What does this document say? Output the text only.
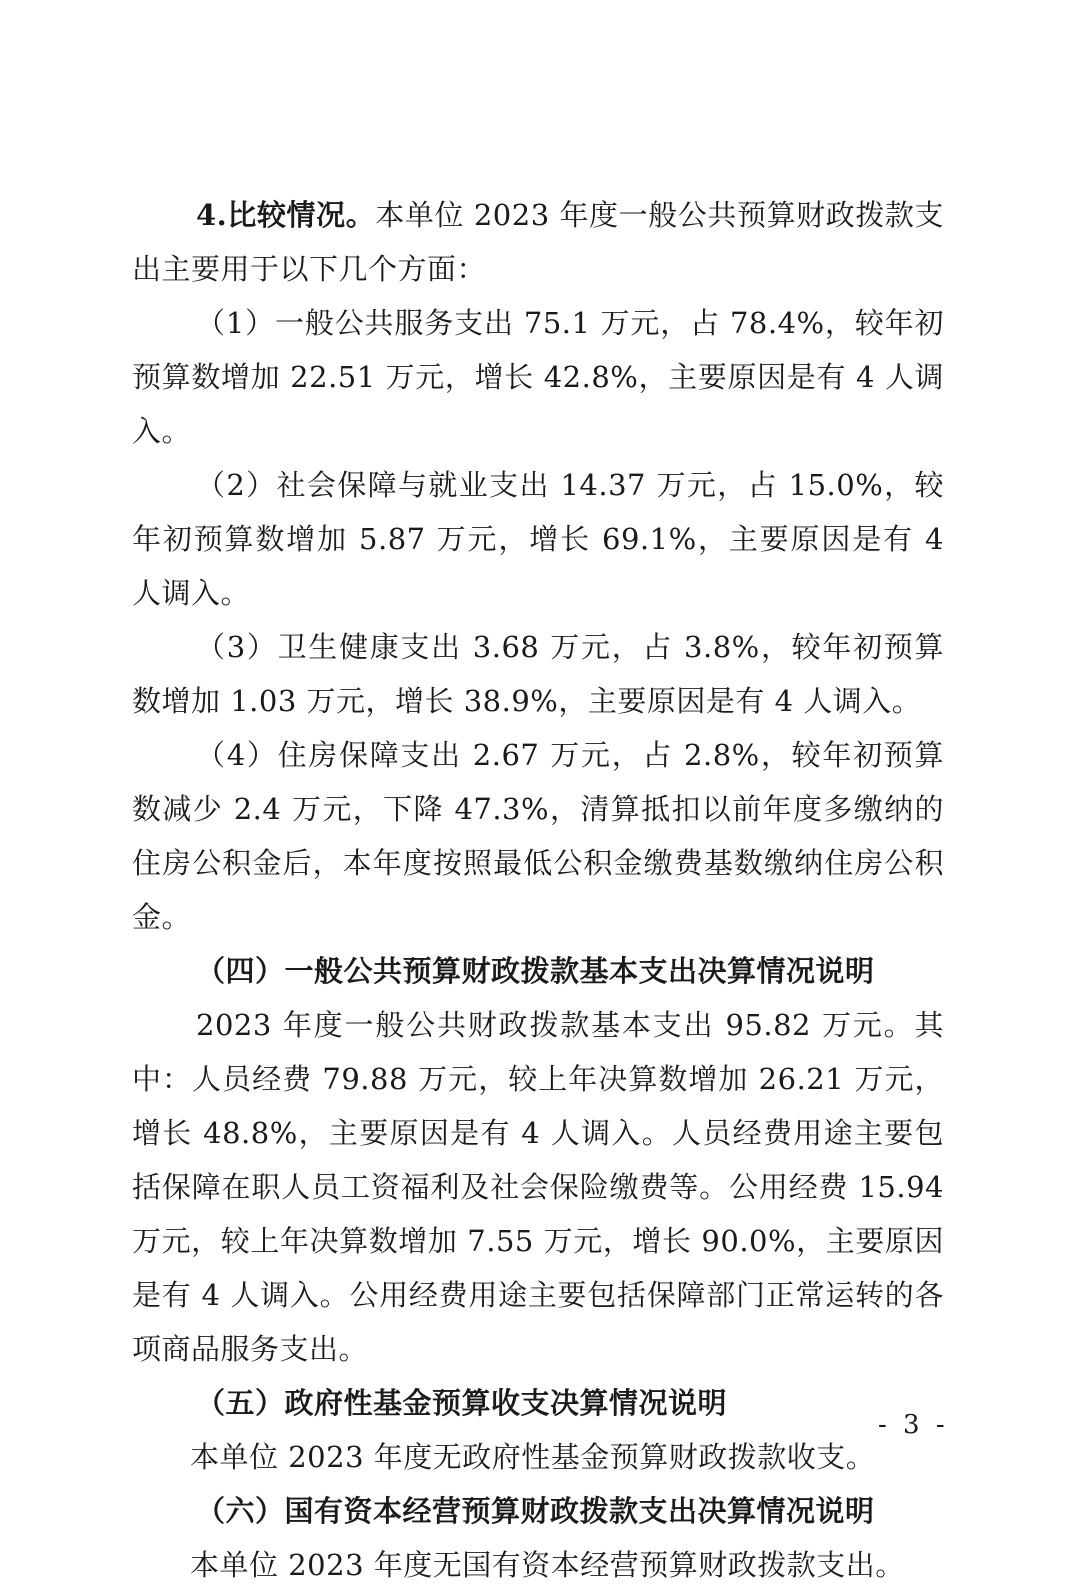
4.比较情况。本单位 2023 年度一般公共预算财政拨款支出主要用于以下几个方面：

（1）一般公共服务支出 75.1 万元，占 78.4%，较年初预算数增加 22.51 万元，增长 42.8%，主要原因是有 4 人调入。

（2）社会保障与就业支出 14.37 万元，占 15.0%，较年初预算数增加 5.87 万元，增长 69.1%，主要原因是有 4 人调入。

（3）卫生健康支出 3.68 万元，占 3.8%，较年初预算数增加 1.03 万元，增长 38.9%，主要原因是有 4 人调入。

（4）住房保障支出 2.67 万元，占 2.8%，较年初预算数减少 2.4 万元，下降 47.3%，清算抵扣以前年度多缴纳的住房公积金后，本年度按照最低公积金缴费基数缴纳住房公积金。

（四）一般公共预算财政拨款基本支出决算情况说明

2023 年度一般公共财政拨款基本支出 95.82 万元。其中：人员经费 79.88 万元，较上年决算数增加 26.21 万元，增长 48.8%，主要原因是有 4 人调入。人员经费用途主要包括保障在职人员工资福利及社会保险缴费等。公用经费 15.94 万元，较上年决算数增加 7.55 万元，增长 90.0%，主要原因是有 4 人调入。公用经费用途主要包括保障部门正常运转的各项商品服务支出。

（五）政府性基金预算收支决算情况说明

本单位 2023 年度无政府性基金预算财政拨款收支。

（六）国有资本经营预算财政拨款支出决算情况说明

本单位 2023 年度无国有资本经营预算财政拨款支出。

- 3 -
